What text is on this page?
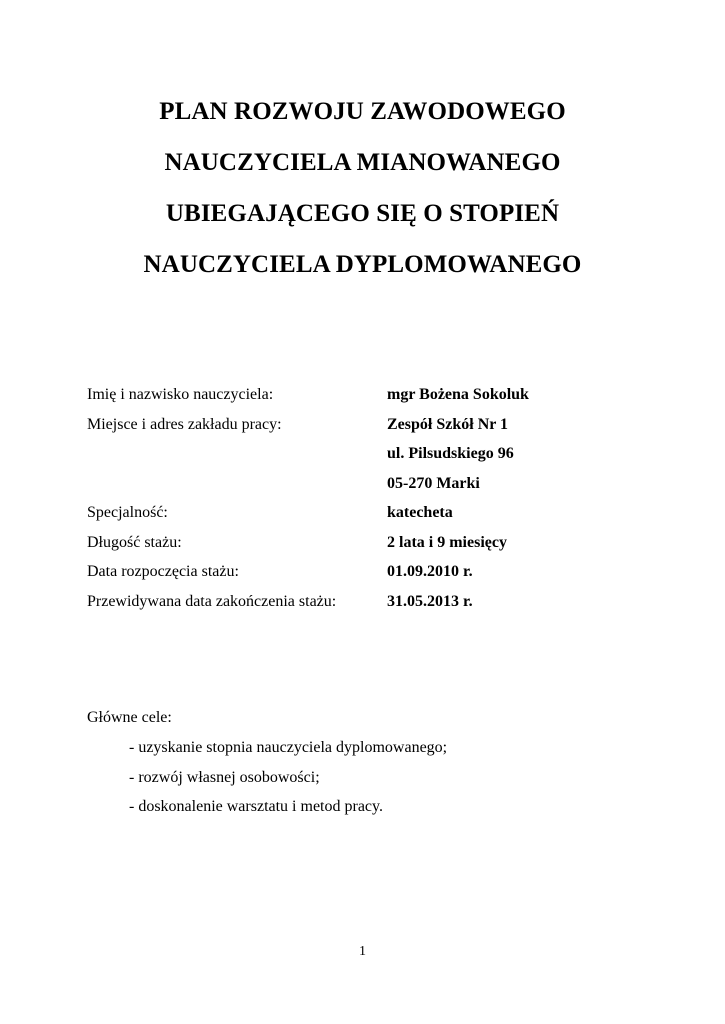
PLAN ROZWOJU ZAWODOWEGO
NAUCZYCIELA MIANOWANEGO
UBIEGAJĄCEGO SIĘ O STOPIEŃ
NAUCZYCIELA DYPLOMOWANEGO
Imię i nazwisko nauczyciela:	mgr Bożena Sokoluk
Miejsce i adres zakładu pracy:	Zespół Szkół Nr 1
ul. Pilsudskiego 96
05-270 Marki
Specjalność:	katecheta
Długość stażu:	2 lata i 9 miesięcy
Data rozpoczęcia stażu:	01.09.2010 r.
Przewidywana data zakończenia stażu:	31.05.2013 r.
Główne cele:
- uzyskanie stopnia nauczyciela dyplomowanego;
- rozwój własnej osobowości;
- doskonalenie warsztatu i metod pracy.
1
